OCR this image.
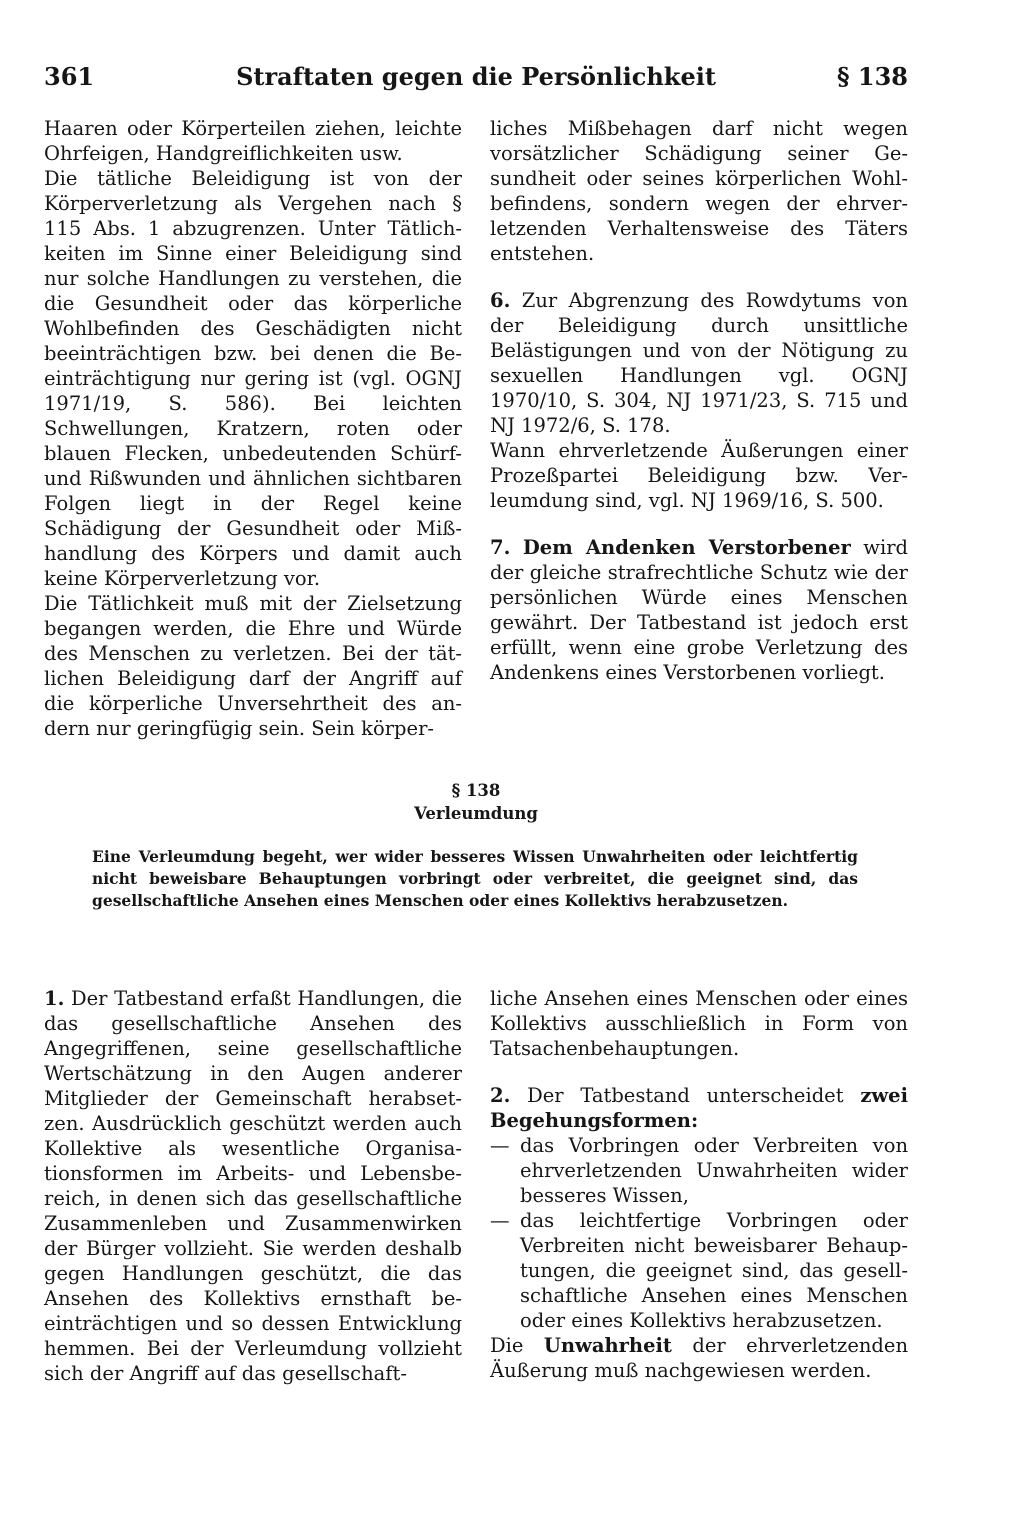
361	Straftaten gegen die Persönlichkeit	§ 138

Haaren oder Körperteilen ziehen, leichte Ohrfeigen, Handgreiflichkeiten usw.

Die tätliche Beleidigung ist von der Körperverletzung als Vergehen nach § 115 Abs. 1 abzugrenzen. Unter Tätlichkeiten im Sinne einer Beleidigung sind nur solche Handlungen zu verstehen, die die Gesundheit oder das körperliche Wohlbefinden des Geschädigten nicht beeinträchtigen bzw. bei denen die Beeinträchtigung nur gering ist (vgl. OGNJ 1971/19, S. 586). Bei leichten Schwellungen, Kratzern, roten oder blauen Flecken, unbedeutenden Schürf- und Rißwunden und ähnlichen sichtbaren Folgen liegt in der Regel keine Schädigung der Gesundheit oder Mißhandlung des Körpers und damit auch keine Körperverletzung vor.

Die Tätlichkeit muß mit der Zielsetzung begangen werden, die Ehre und Würde des Menschen zu verletzen. Bei der tätlichen Beleidigung darf der Angriff auf die körperliche Unversehrtheit des andern nur geringfügig sein. Sein körper-

liches Mißbehagen darf nicht wegen vorsätzlicher Schädigung seiner Gesundheit oder seines körperlichen Wohlbefindens, sondern wegen der ehrverletzenden Verhaltensweise des Täters entstehen.

6. Zur Abgrenzung des Rowdytums von der Beleidigung durch unsittliche Belästigungen und von der Nötigung zu sexuellen Handlungen vgl. OGNJ 1970/10, S. 304, NJ 1971/23, S. 715 und NJ 1972/6, S. 178.

Wann ehrverletzende Äußerungen einer Prozeßpartei Beleidigung bzw. Verleumdung sind, vgl. NJ 1969/16, S. 500.

7. Dem Andenken Verstorbener wird der gleiche strafrechtliche Schutz wie der persönlichen Würde eines Menschen gewährt. Der Tatbestand ist jedoch erst erfüllt, wenn eine grobe Verletzung des Andenkens eines Verstorbenen vorliegt.

§ 138
Verleumdung
Eine Verleumdung begeht, wer wider besseres Wissen Unwahrheiten oder leichtfertig nicht beweisbare Behauptungen vorbringt oder verbreitet, die geeignet sind, das gesellschaftliche Ansehen eines Menschen oder eines Kollektivs herabzusetzen.

1. Der Tatbestand erfaßt Handlungen, die das gesellschaftliche Ansehen des Angegriffenen, seine gesellschaftliche Wertschätzung in den Augen anderer Mitglieder der Gemeinschaft herabsetzen. Ausdrücklich geschützt werden auch Kollektive als wesentliche Organisationsformen im Arbeits- und Lebensbereich, in denen sich das gesellschaftliche Zusammenleben und Zusammenwirken der Bürger vollzieht. Sie werden deshalb gegen Handlungen geschützt, die das Ansehen des Kollektivs ernsthaft beeinträchtigen und so dessen Entwicklung hemmen. Bei der Verleumdung vollzieht sich der Angriff auf das gesellschaft-

liche Ansehen eines Menschen oder eines Kollektivs ausschließlich in Form von Tatsachenbehauptungen.

2. Der Tatbestand unterscheidet zwei Begehungsformen:

— das Vorbringen oder Verbreiten von ehrverletzenden Unwahrheiten wider besseres Wissen,
— das leichtfertige Vorbringen oder Verbreiten nicht beweisbarer Behauptungen, die geeignet sind, das gesellschaftliche Ansehen eines Menschen oder eines Kollektivs herabzusetzen.

Die Unwahrheit der ehrverletzenden Äußerung muß nachgewiesen werden.
